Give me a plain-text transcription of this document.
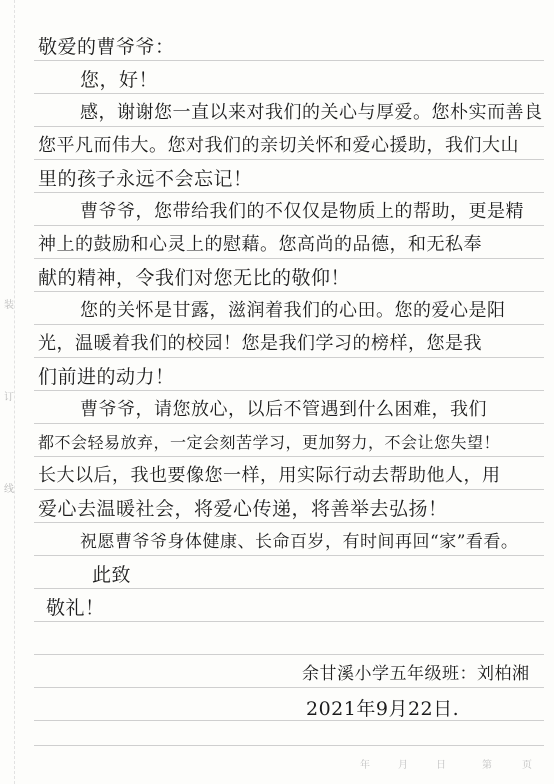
装
订
线
敬爱的曹爷爷：
您，好！
感，谢谢您一直以来对我们的关心与厚爱。您朴实而善良
您平凡而伟大。您对我们的亲切关怀和爱心援助，我们大山
里的孩子永远不会忘记！
曹爷爷，您带给我们的不仅仅是物质上的帮助，更是精
神上的鼓励和心灵上的慰藉。您高尚的品德，和无私奉
献的精神，令我们对您无比的敬仰！
您的关怀是甘露，滋润着我们的心田。您的爱心是阳
光，温暖着我们的校园！您是我们学习的榜样，您是我
们前进的动力！
曹爷爷，请您放心，以后不管遇到什么困难，我们
都不会轻易放弃，一定会刻苦学习，更加努力，不会让您失望！
长大以后，我也要像您一样，用实际行动去帮助他人，用
爱心去温暖社会，将爱心传递，将善举去弘扬！
祝愿曹爷爷身体健康、长命百岁，有时间再回“家”看看。
此致
敬礼！
余甘溪小学五年级班：刘柏湘
2021年9月22日.
年	月	日	第	页
